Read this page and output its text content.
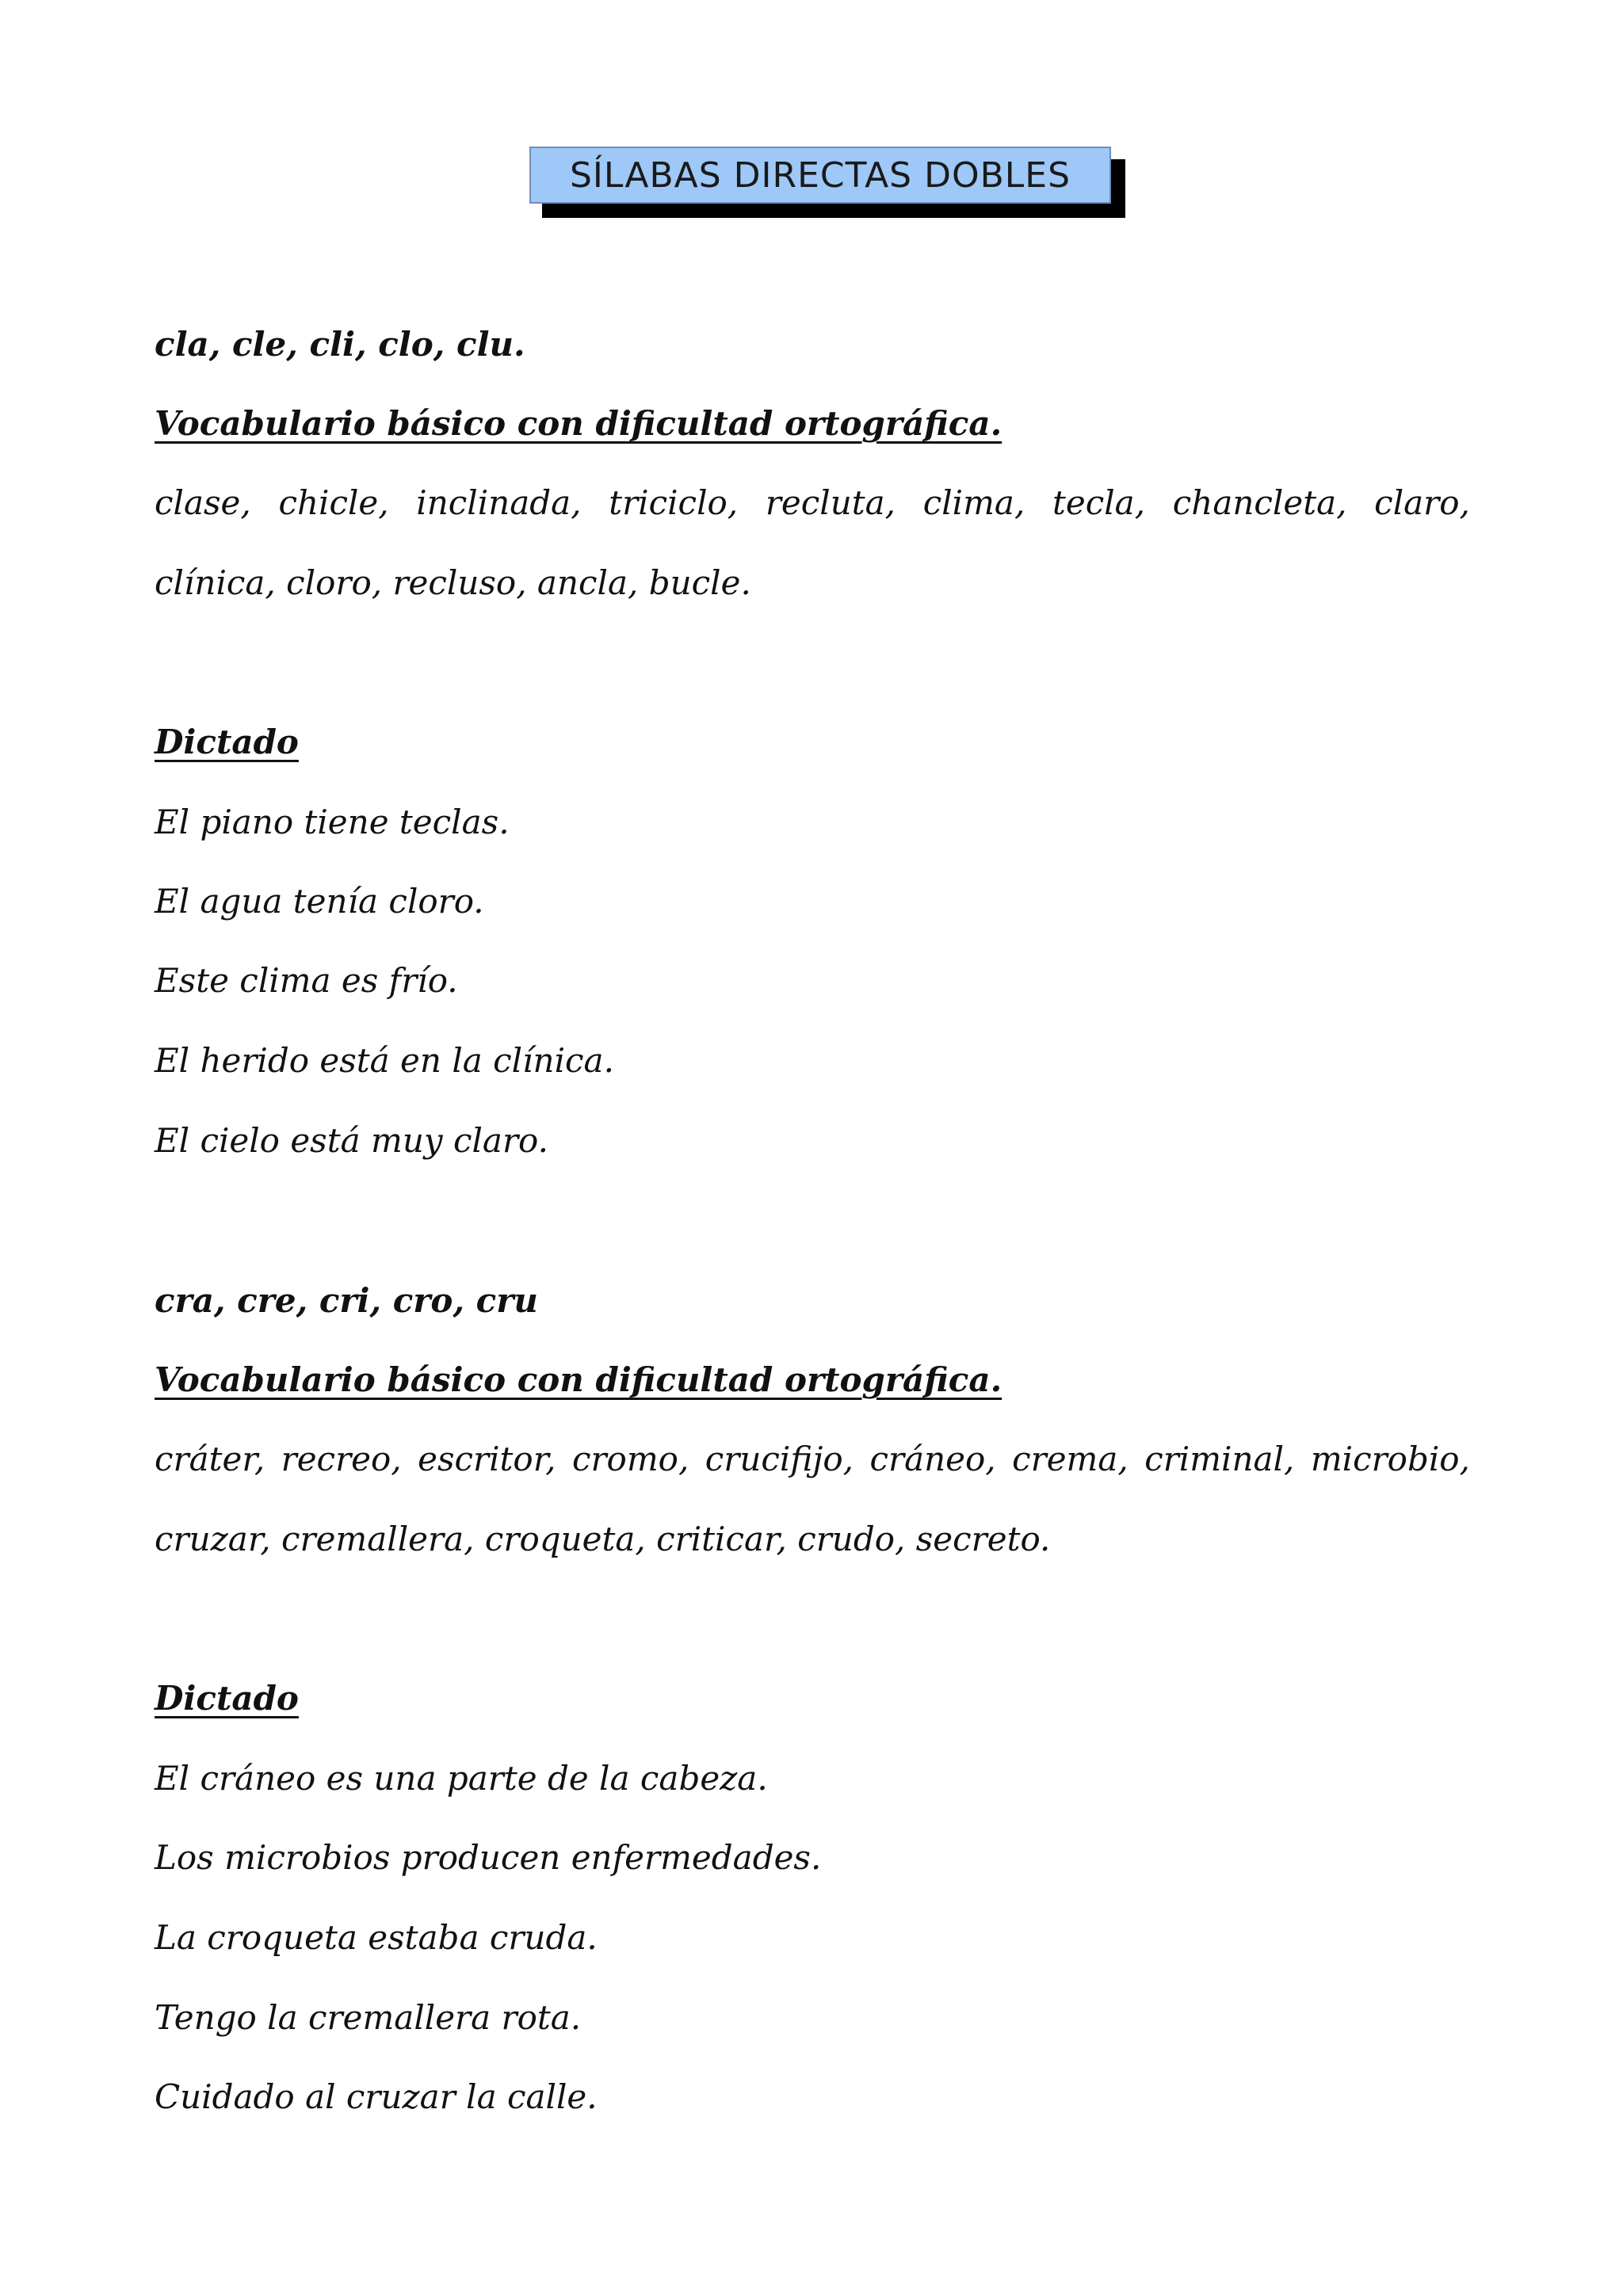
SÍLABAS DIRECTAS DOBLES
cla, cle, cli, clo, clu.
Vocabulario básico con dificultad ortográfica.
clase, chicle, inclinada, triciclo, recluta, clima, tecla, chancleta, claro,
clínica, cloro, recluso, ancla, bucle.
Dictado
El piano tiene teclas.
El agua tenía cloro.
Este clima es frío.
El herido está en la clínica.
El cielo está muy claro.
cra, cre, cri, cro, cru
Vocabulario básico con dificultad ortográfica.
cráter, recreo, escritor, cromo, crucifijo, cráneo, crema, criminal, microbio,
cruzar, cremallera, croqueta, criticar, crudo, secreto.
Dictado
El cráneo es una parte de la cabeza.
Los microbios producen enfermedades.
La croqueta estaba cruda.
Tengo la cremallera rota.
Cuidado al cruzar la calle.
